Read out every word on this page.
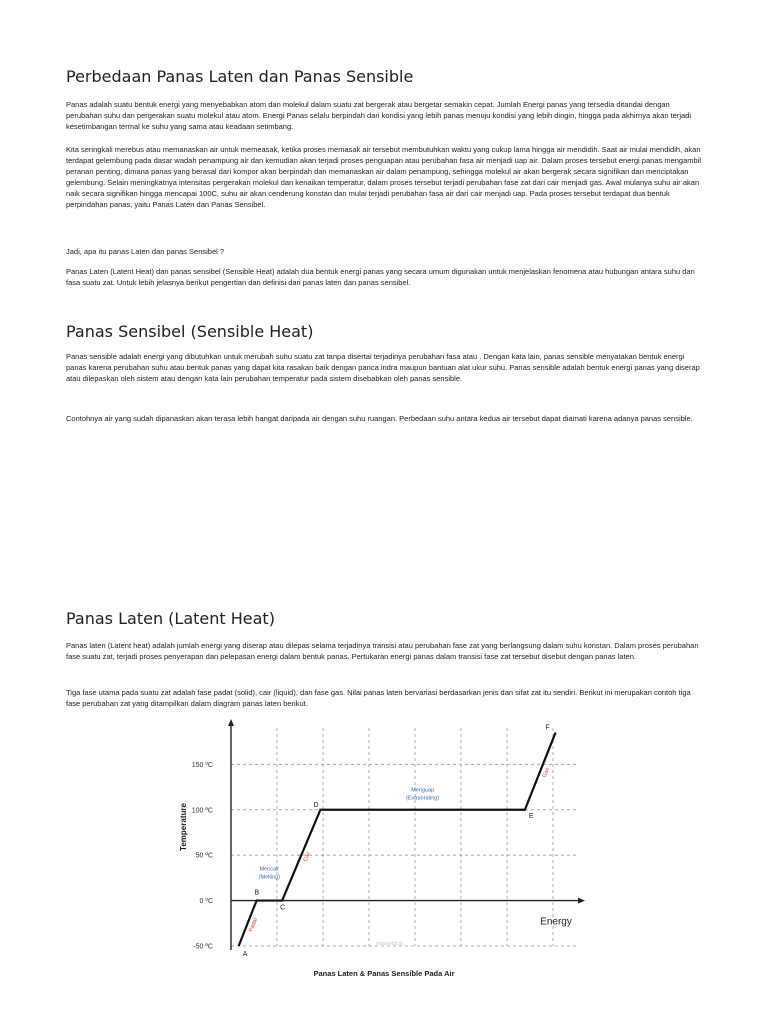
Perbedaan Panas Laten dan Panas Sensible

Panas adalah suatu bentuk energi yang menyebabkan atom dan molekul dalam suatu zat bergerak atau bergetar semakin cepat. Jumlah Energi panas yang tersedia ditandai dengan perubahan suhu dan pergerakan suatu molekul atau atom. Energi Panas selalu berpindah dari kondisi yang lebih panas menuju kondisi yang lebih dingin, hingga pada akhirnya akan terjadi kesetimbangan termal ke suhu yang sama atau keadaan setimbang.

Kita seringkali merebus atau memanaskan air untuk memeasak, ketika proses memasak air tersebut membutuhkan waktu yang cukup lama hingga air mendidih. Saat air mulai mendidih, akan terdapat gelembung pada dasar wadah penampung air dan kemudian akan terjadi proses penguapan atau perubahan fasa air menjadi uap air. Dalam proses tersebut energi panas mengambil peranan penting, dimana panas yang berasal dari kompor akan berpindah dan memanaskan air dalam penampung, sehingga molekul air akan bergerak secara signifikan dan menciptakan gelembung. Selain meningkatnya intensitas pergerakan molekul dan kenaikan temperatur, dalam proses tersebut terjadi perubahan fase zat dari cair menjadi gas. Awal mulanya suhu air akan naik secara signifikan hingga mencapai 100C, suhu air akan cenderung konstan dan mulai terjadi perubahan fasa air dari cair menjadi uap. Pada proses tersebut terdapat dua bentuk perpindahan panas, yaitu Panas Laten dan Panas Sensibel.

Jadi, apa itu panas Laten dan panas Sensibel ?

Panas Laten (Latent Heat) dan panas sensibel (Sensible Heat) adalah dua bentuk energi panas yang secara umum digunakan untuk menjelaskan fenomena atau hubungan antara suhu dan fasa suatu zat. Untuk lebih jelasnya berikut pengertian dan definisi dari panas laten dan panas sensibel.

Panas Sensibel (Sensible Heat)

Panas sensible adalah energi yang dibutuhkan untuk merubah suhu suatu zat tanpa disertai terjadinya perubahan fasa atau . Dengan kata lain, panas sensible menyatakan bentuk energi panas karena perubahan suhu atau bentuk panas yang dapat kita rasakan baik dengan panca indra maupun bantuan alat ukur suhu. Panas sensible adalah bentuk energi panas yang diserap atau dilepaskan oleh sistem atau dengan kata lain perubahan temperatur pada sistem disebabkan oleh panas sensible.

Contohnya air yang sudah dipanaskan akan terasa lebih hangat daripada air dengan suhu ruangan. Perbedaan suhu antara kedua air tersebut dapat diamati karena adanya panas sensible.

Panas Laten (Latent Heat)

Panas laten (Latent heat) adalah jumlah energi yang diserap atau dilepas selama terjadinya transisi atau perubahan fase zat yang berlangsung dalam suhu konstan. Dalam proses perubahan fase suatu zat, terjadi proses penyerapan dan pelepasan energi dalam bentuk panas. Pertukaran energi panas dalam transisi fase zat tersebut disebut dengan panas laten.

Tiga fase utama pada suatu zat adalah fase padat (solid), cair (liquid), dan fase gas. Nilai panas laten bervariasi berdasarkan jenis dan sifat zat itu sendiri. Berikut ini merupakan contoh tiga fase perubahan zat yang ditampilkan dalam diagram panas laten berikut.

150 ºC
100 ºC
50 ºC
0 ºC
-50 ºC
Temperature
Energy
A
B
C
D
E
F
Padat
Cair
Gas
Mencair
(Melting)
Menguap
(Evaporating)
ilmuwebb.id
Panas Laten & Panas Sensible Pada Air
